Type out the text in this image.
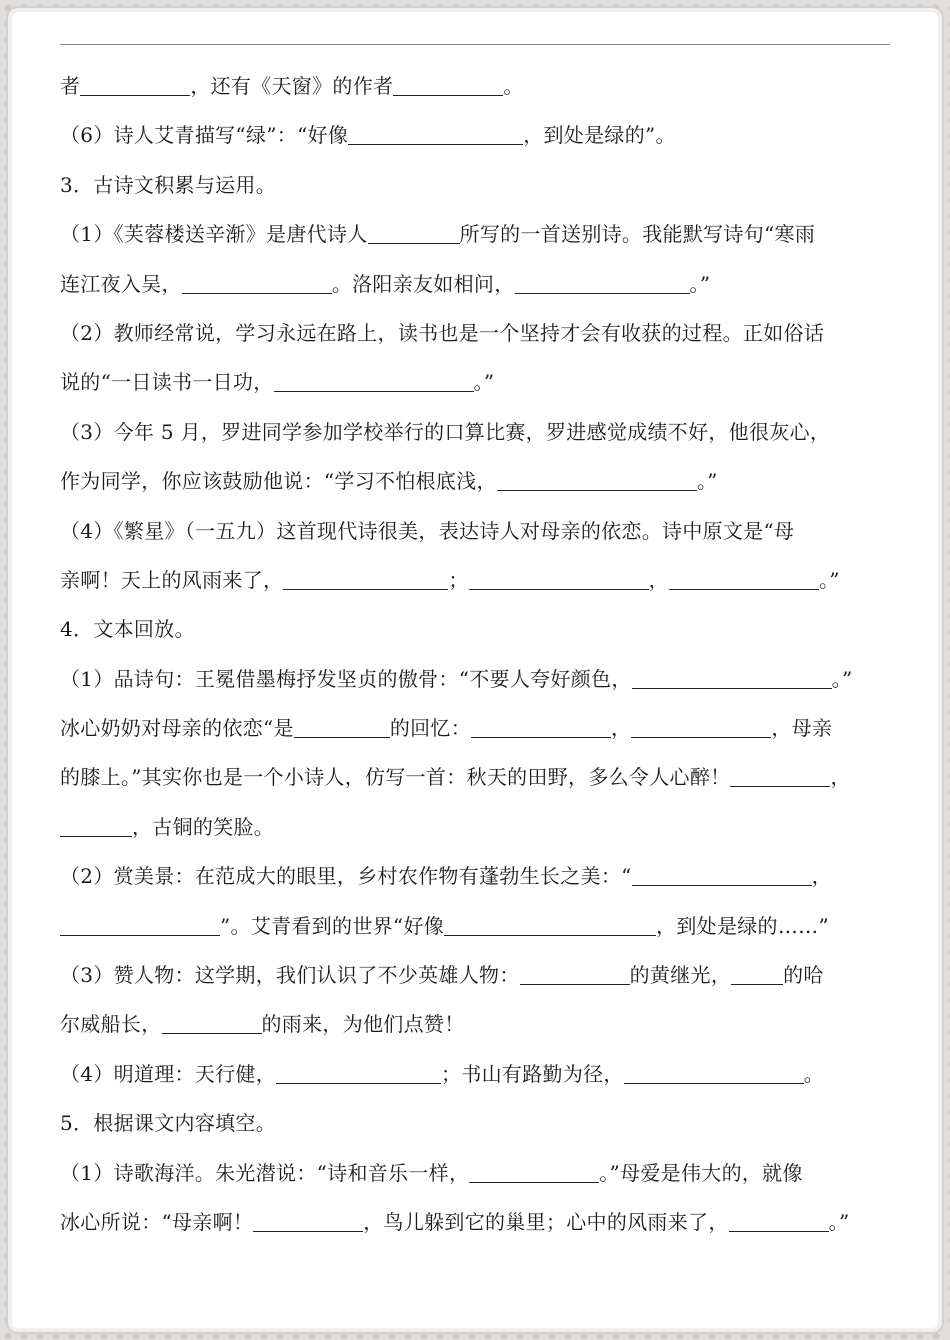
者	，还有《天窗》的作者	。
（6）诗人艾青描写“绿”：“好像	，到处是绿的”。
3．古诗文积累与运用。
（1）《芙蓉楼送辛渐》是唐代诗人	所写的一首送别诗。我能默写诗句“寒雨
连江夜入吴，	。洛阳亲友如相问，	。”
（2）教师经常说，学习永远在路上，读书也是一个坚持才会有收获的过程。正如俗话
说的“一日读书一日功，	。”
（3）今年 5 月，罗进同学参加学校举行的口算比赛，罗进感觉成绩不好，他很灰心，
作为同学，你应该鼓励他说：“学习不怕根底浅，	。”
（4）《繁星》（一五九）这首现代诗很美，表达诗人对母亲的依恋。诗中原文是“母
亲啊！天上的风雨来了，	；	，	。”
4．文本回放。
（1）品诗句：王冕借墨梅抒发坚贞的傲骨：“不要人夸好颜色，	。”
冰心奶奶对母亲的依恋“是	的回忆：	，	，母亲
的膝上。”其实你也是一个小诗人，仿写一首：秋天的田野，多么令人心醉！	，
，古铜的笑脸。
（2）赏美景：在范成大的眼里，乡村农作物有蓬勃生长之美：“	，
”。艾青看到的世界“好像	，到处是绿的……”
（3）赞人物：这学期，我们认识了不少英雄人物：	的黄继光，	的哈
尔威船长，	的雨来，为他们点赞！
（4）明道理：天行健，	；书山有路勤为径，	。
5．根据课文内容填空。
（1）诗歌海洋。朱光潜说：“诗和音乐一样，	。”母爱是伟大的，就像
冰心所说：“母亲啊！	，鸟儿躲到它的巢里；心中的风雨来了，	。”
